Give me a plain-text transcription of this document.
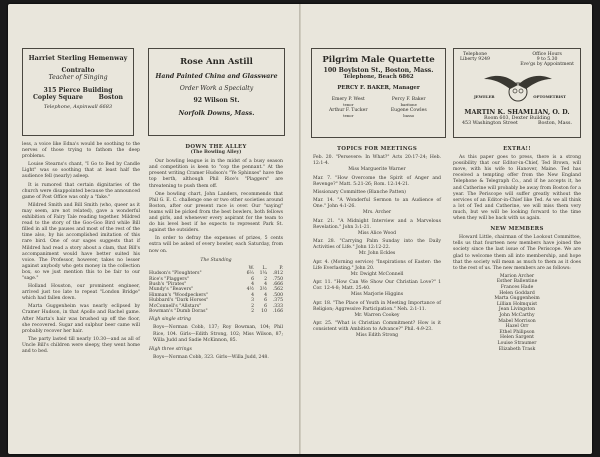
Harriet Sterling Hemenway
Contralto
Teacher of Singing
315 Pierce Building
Copley Square	Boston
Telephone, Aspinwall 6683
Rose Ann Astill
Hand Painted China and Glassware
Order Work a Specialty
92 Wilson St.
Norfolk Downs, Mass.

less, a voice like Edna's would be soothing to the nerves of those trying to fathom the deep problems.

Louise Stearns's chant, "I Go to Bed by Candle Light" was so soothing that at least half the audience fell (nearly) asleep.

It is rumored that certain dignitaries of the church were disappointed because the announced game of Post Office was only a "fake."

Mildred Smith and Bill Smith (who, queer as it may seem, are not related), gave a wonderful exhibition of Fairy Tale reading together. Mildred read to the story of the Goo-Goo Bird while Bill filled in all the pauses and most of the rest of the time also, by his accomplished imitation of this rare bird. One of our sages suggests that if Mildred had read a story about a clam, that Bill's accompaniment would have better suited his voice. The Professor, however, takes no lesser against anybody who gets money in the collection box, so we just mention this to be fair to our "sage."

Holland Houston, our prominent engineer, arrived just too late to repeat "London Bridge" which had fallen down.

Marta Guggenheim was nearly eclipsed by Cramer Hudson, in that Apollo and Rachel game. After Marta's hair was brushed up off the floor, she recovered. Sugar and sulphur beer came will probably recover her hair.

The party lasted till nearly 10.30—and as all of Uncle Bill's children were sleepy, they went home and to bed.

DOWN THE ALLEY
(The Bowling Alley)

Our bowling league is in the midst of a busy season and competition is keen to "cop the pennant." At the present writing Cramer Hudson's "Ye Sphinxes" have the top berth, although Phil Rice's "Plaggers" are threatening to push them off.

One bowling chart, John Landers, recommends that Phil G. E. C. challenge one or two other societies around Boston, after our present race is over. Our "saying" teams will be picked from the best bowlers, both fellows and girls, and whenever every aspirant for the team to do his level best if he expects to represent Park St. against the outsiders.

In order to defray the expenses of prizes, 5 cents extra will be asked of every bowler, each Saturday, from now on.

The Standing
	W.	L.	P.
Hudson's "Ploughters"	6⅔	1¼	.812
Rice's "Plaggers"	6	2	.750
Bush's "Pirates"	4	4	.666
Mundy's "Beavers"	4½	3½	.562
Hinman's "Woodpeckers"	4	4	.500
Hubbard's "Dark Horses"	3	6	.375
McConnell's "Allstars"	2	6	.333
Bowman's "Dumb Doras"	2	10	.166
High single string

Boys—Norman Cobb, 137; Roy Bowman, 104; Phil Rice, 104. Girls—Edith Strong, 102; Miss Wilson, 87; Willa Judd and Sadie McKinnon, 85.

High three strings

Boys—Norman Cobb, 323. Girls—Willa Judd, 248.

Pilgrim Male Quartette
100 Boylston St., Boston, Mass.
Telephone, Beach 6862
PERCY F. BAKER, Manager
Emery P. West
tenor
Percy F. Baker
baritone
Arthur F. Tucker
tenor
Eugene Cowles
basso
Telephone
Liberty 9249
Office Hours
9 to 5.30
Eve'gs by Appointment
JEWELER	OPTOMETRIST
MARTIN K. SHAMLIAN, O. D.
Room 603, Dexter Building
453 Washington Street	Boston, Mass.
TOPICS FOR MEETINGS
Feb. 20. "Persevere: In What?" Acts 20:17-24; Heb. 12:1-4.
Miss Marguerite Warner
Mar. 7. "How Overcome the Spirit of Anger and Revenge?" Matt. 5:21-26; Rom. 12:14-21.
Missionary Committee (Blanche Patten)
Mar. 14. "A Wonderful Sermon to an Audience of One." John 4:1-26.
Mrs. Archer
Mar. 21. "A Midnight Interview and a Marvelous Revelation." John 3:1-21.
Miss Alice Wood
Mar. 28. "Carrying Palm Sunday into the Daily Activities of Life." John 12:12-22.
Mr. John Eckles
Apr. 4. (Morning service) "Inspirations of Easter: the Life Everlasting." John 20.
Mr. Dwight McConnell
Apr. 11. "How Can We Show Our Christian Love?" 1 Cor. 12-4-8; Matt. 25:40.
Miss Marjorie Higgins
Apr. 18. "The Place of Youth in Meeting Importance of Religion; Aggressive Participation." Neh. 2:1-11.
Mr. Warren Cookey
Apr. 25. "What is Christian Commitment? How is it consistent with Ambition to Advance?" Phil. 4:9-23.
Miss Edith Strong
EXTRA!!

As this paper goes to press, there is a strong possibility that our Editor-in-Chief, Ted Brown, will move, with his wife to Hanover, Maine. Ted has received a tempting offer from the New England Telephone & Telegraph Co., and if he accepts it, he and Catherine will probably be away from Boston for a year. The Periscope will suffer greatly without the services of an Editor-in-Chief like Ted. As we all think a lot of Ted and Catherine, we will miss them very much, but we will be looking forward to the time when they will be back with us again.

NEW MEMBERS

Howard Little, chairman of the Lookout Committee, tells us that fourteen new members have joined the society since the last issue of The Periscope. We are glad to welcome them all into membership, and hope that the society will mean as much to them as it does to the rest of us. The new members are as follows:

Marion Archer
Esther Ballentine
Frances Hade
Helen Goddard
Marta Guggenheim
Lillian Holmquist
Jean Livingston
John McCarthy
Mabel Morrison
Hazel Orr
Ethel Philipson
Helen Sargent
Louise Straumer
Elizabeth Trask
